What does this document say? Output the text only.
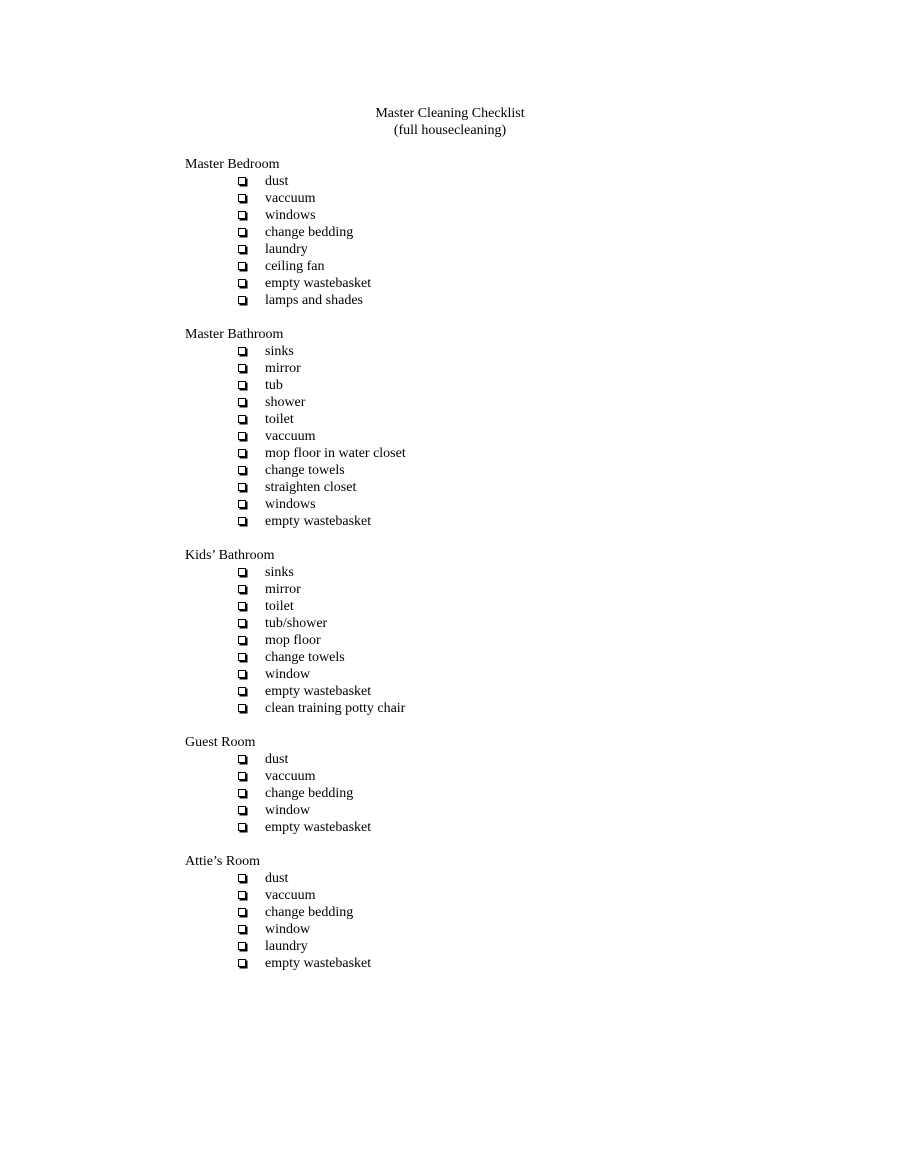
Master Cleaning Checklist
(full housecleaning)
Master Bedroom
dust
vaccuum
windows
change bedding
laundry
ceiling fan
empty wastebasket
lamps and shades
Master Bathroom
sinks
mirror
tub
shower
toilet
vaccuum
mop floor in water closet
change towels
straighten closet
windows
empty wastebasket
Kids’ Bathroom
sinks
mirror
toilet
tub/shower
mop floor
change towels
window
empty wastebasket
clean training potty chair
Guest Room
dust
vaccuum
change bedding
window
empty wastebasket
Attie’s Room
dust
vaccuum
change bedding
window
laundry
empty wastebasket
